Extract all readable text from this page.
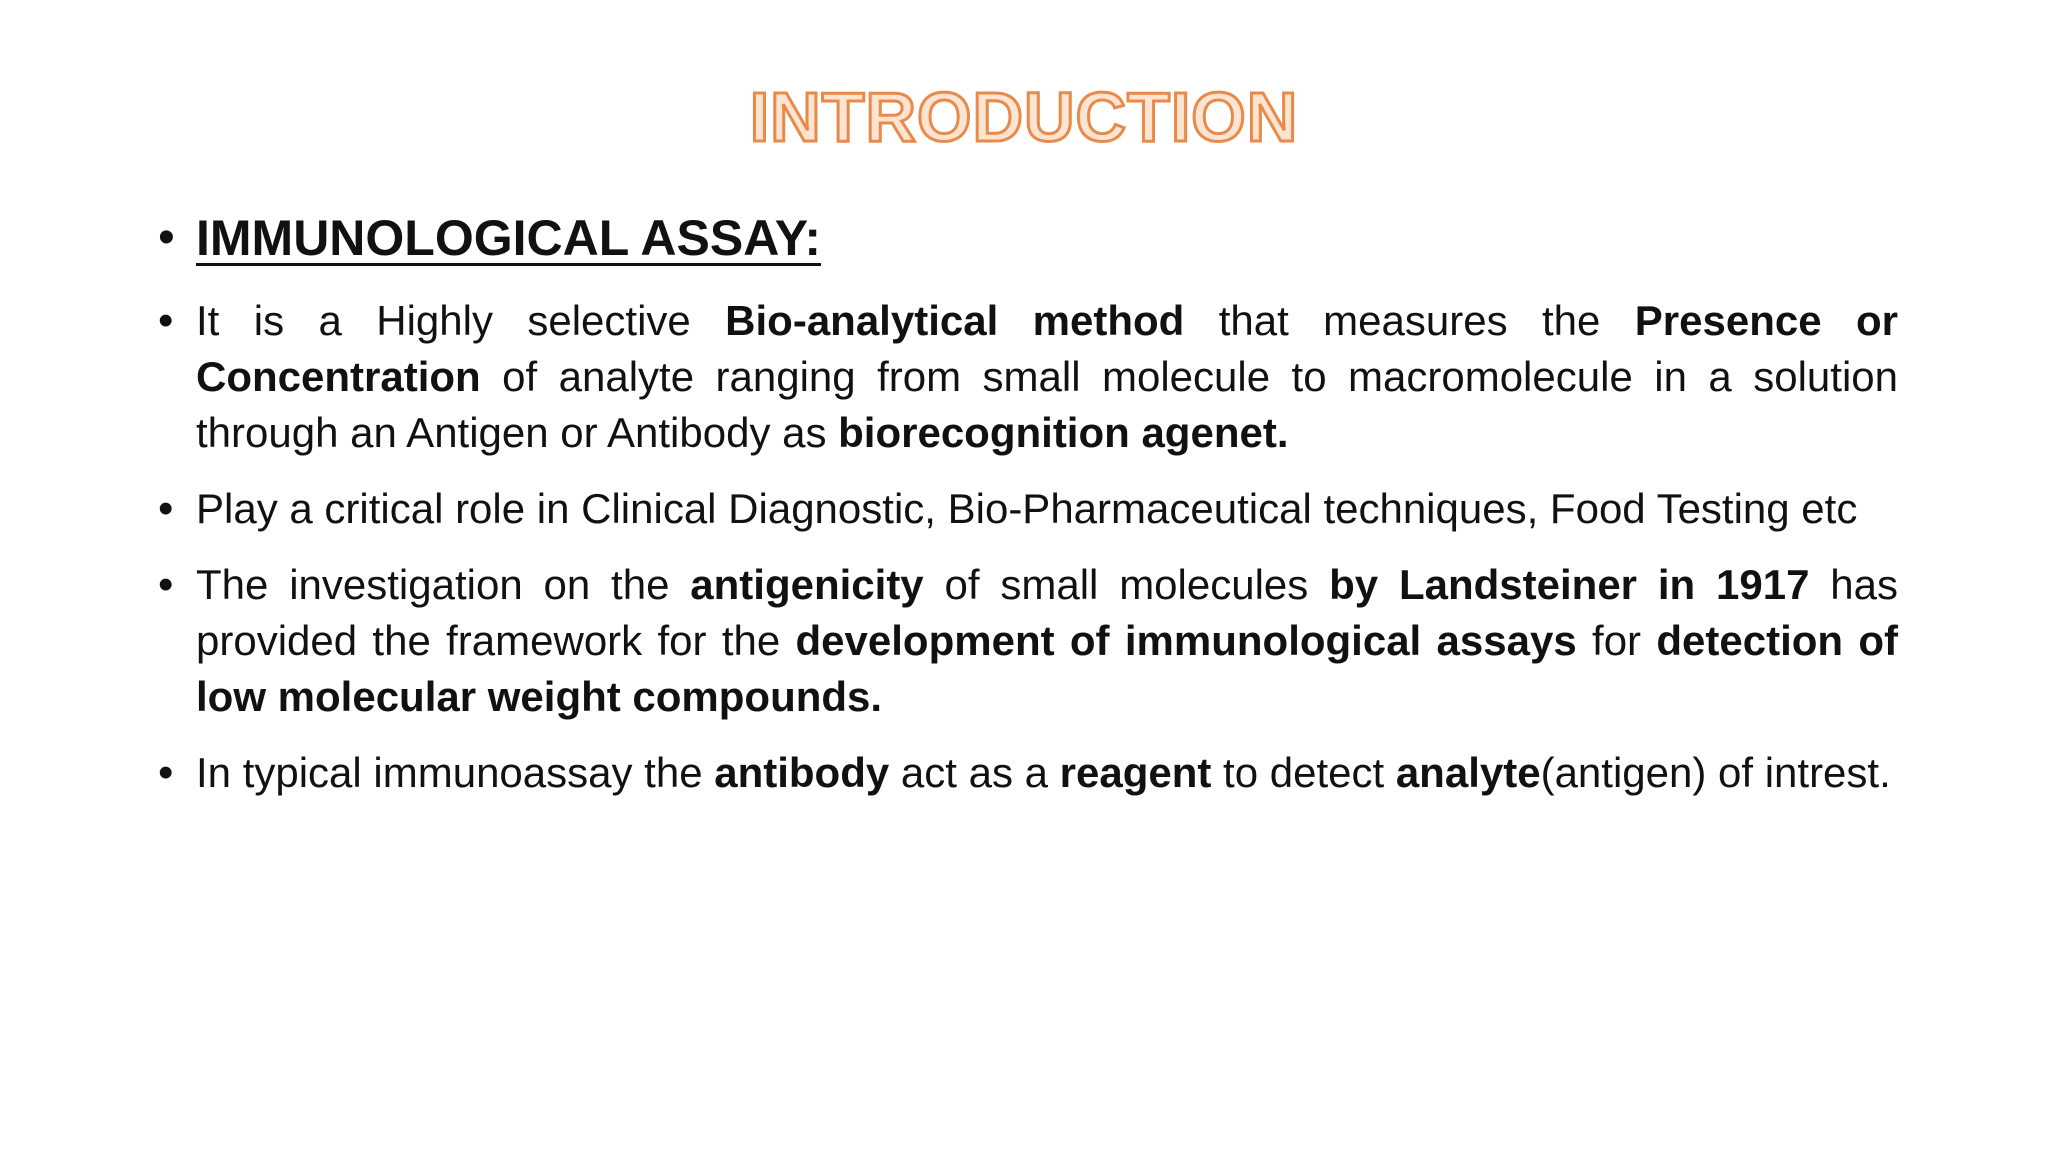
INTRODUCTION
• IMMUNOLOGICAL ASSAY:
• It is a Highly selective Bio-analytical method that measures the Presence or Concentration of analyte ranging from small molecule to macromolecule in a solution through an Antigen or Antibody as biorecognition agenet.
• Play a critical role in Clinical Diagnostic, Bio-Pharmaceutical techniques, Food Testing etc
• The investigation on the antigenicity of small molecules by Landsteiner in 1917 has provided the framework for the development of immunological assays for detection of low molecular weight compounds.
• In typical immunoassay the antibody act as a reagent to detect analyte(antigen) of intrest.
